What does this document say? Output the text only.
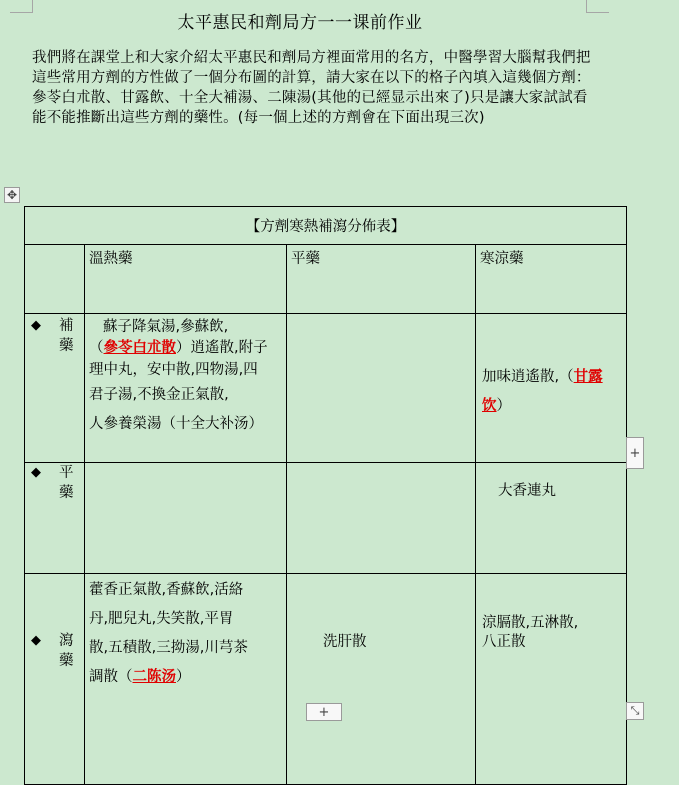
太平惠民和劑局方一一课前作业
我們將在課堂上和大家介紹太平惠民和劑局方裡面常用的名方，中醫學習大腦幫我們把這些常用方劑的方性做了一個分布圖的計算，請大家在以下的格子內填入這幾個方劑：參苓白朮散、甘露飲、十全大補湯、二陳湯(其他的已經显示出來了)只是讓大家試試看能不能推斷出這些方劑的藥性。(每一個上述的方劑會在下面出現三次)
✥
【方劑寒熱補瀉分佈表】			

	溫熱藥	平藥	寒涼藥

◆ 補藥	蘇子降氣湯,參蘇飲,
（參苓白朮散）逍遙散,附子
理中丸，安中散,四物湯,四
君子湯,不換金正氣散,
人參養榮湯（十全大补汤）		加味逍遙散,（甘露饮）

◆ 平藥			大香連丸

◆ 瀉藥	藿香正氣散,香蘇飲,活絡
丹,肥兒丸,失笑散,平胃
散,五積散,三拗湯,川芎茶
調散（二陈汤）	洗肝散	涼膈散,五淋散,
八正散
+
+	⤡
